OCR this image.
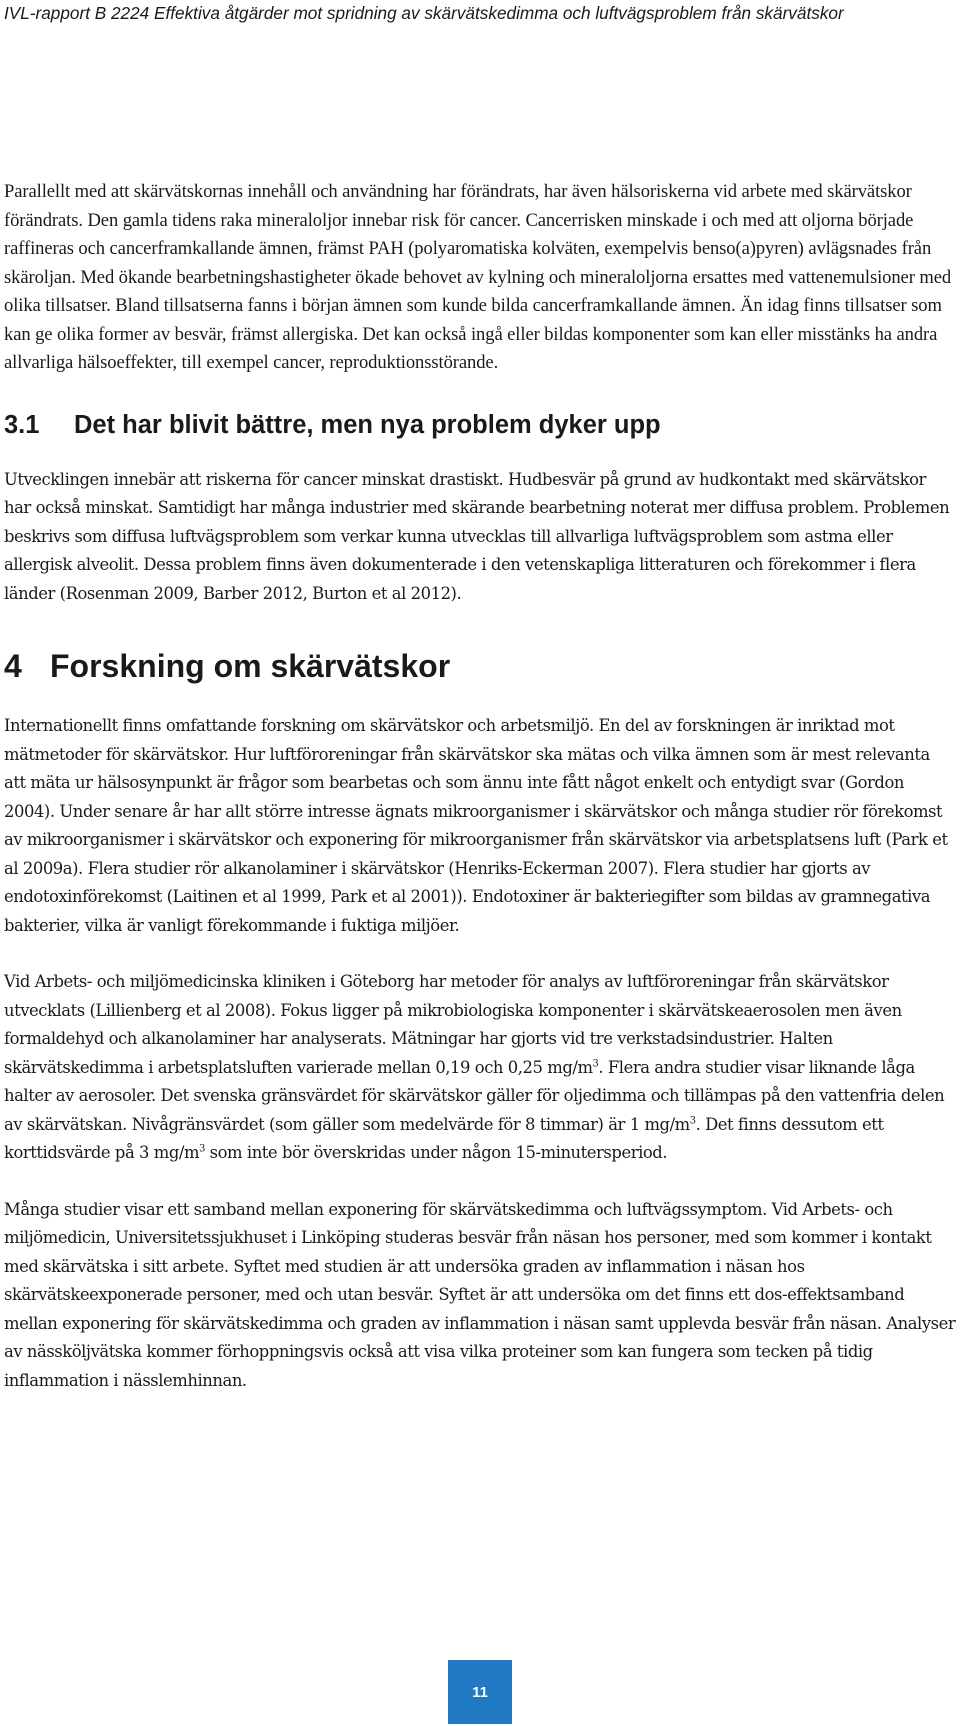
IVL-rapport B 2224 Effektiva åtgärder mot spridning av skärvätskedimma och luftvägsproblem från skärvätskor

Parallellt med att skärvätskornas innehåll och användning har förändrats, har även hälsoriskerna vid arbete med skärvätskor förändrats. Den gamla tidens raka mineraloljor innebar risk för cancer. Cancerrisken minskade i och med att oljorna började raffineras och cancerframkallande ämnen, främst PAH (polyaromatiska kolväten, exempelvis benso(a)pyren) avlägsnades från skäroljan. Med ökande bearbetningshastigheter ökade behovet av kylning och mineraloljorna ersattes med vattenemulsioner med olika tillsatser. Bland tillsatserna fanns i början ämnen som kunde bilda cancerframkallande ämnen. Än idag finns tillsatser som kan ge olika former av besvär, främst allergiska. Det kan också ingå eller bildas komponenter som kan eller misstänks ha andra allvarliga hälsoeffekter, till exempel cancer, reproduktionsstörande.

3.1 Det har blivit bättre, men nya problem dyker upp

Utvecklingen innebär att riskerna för cancer minskat drastiskt. Hudbesvär på grund av hudkontakt med skärvätskor har också minskat. Samtidigt har många industrier med skärande bearbetning noterat mer diffusa problem. Problemen beskrivs som diffusa luftvägsproblem som verkar kunna utvecklas till allvarliga luftvägsproblem som astma eller allergisk alveolit. Dessa problem finns även dokumenterade i den vetenskapliga litteraturen och förekommer i flera länder (Rosenman 2009, Barber 2012, Burton et al 2012).

4 Forskning om skärvätskor

Internationellt finns omfattande forskning om skärvätskor och arbetsmiljö. En del av forskningen är inriktad mot mätmetoder för skärvätskor. Hur luftföroreningar från skärvätskor ska mätas och vilka ämnen som är mest relevanta att mäta ur hälsosynpunkt är frågor som bearbetas och som ännu inte fått något enkelt och entydigt svar (Gordon 2004). Under senare år har allt större intresse ägnats mikroorganismer i skärvätskor och många studier rör förekomst av mikroorganismer i skärvätskor och exponering för mikroorganismer från skärvätskor via arbetsplatsens luft (Park et al 2009a). Flera studier rör alkanolaminer i skärvätskor (Henriks-Eckerman 2007). Flera studier har gjorts av endotoxinförekomst (Laitinen et al 1999, Park et al 2001)). Endotoxiner är bakteriegifter som bildas av gramnegativa bakterier, vilka är vanligt förekommande i fuktiga miljöer.

Vid Arbets- och miljömedicinska kliniken i Göteborg har metoder för analys av luftföroreningar från skärvätskor utvecklats (Lillienberg et al 2008). Fokus ligger på mikrobiologiska komponenter i skärvätskeaerosolen men även formaldehyd och alkanolaminer har analyserats. Mätningar har gjorts vid tre verkstadsindustrier. Halten skärvätskedimma i arbetsplatsluften varierade mellan 0,19 och 0,25 $mg/m^3$. Flera andra studier visar liknande låga halter av aerosoler. Det svenska gränsvärdet för skärvätskor gäller för oljedimma och tillämpas på den vattenfria delen av skärvätskan. Nivågränsvärdet (som gäller som medelvärde för 8 timmar) är 1 $mg/m^3$. Det finns dessutom ett korttidsvärde på 3 $mg/m^3$ som inte bör överskridas under någon 15-minutersperiod.

Många studier visar ett samband mellan exponering för skärvätskedimma och luftvägssymptom. Vid Arbets- och miljömedicin, Universitetssjukhuset i Linköping studeras besvär från näsan hos personer, med som kommer i kontakt med skärvätska i sitt arbete. Syftet med studien är att undersöka graden av inflammation i näsan hos skärvätskeexponerade personer, med och utan besvär. Syftet är att undersöka om det finns ett dos-effektsamband mellan exponering för skärvätskedimma och graden av inflammation i näsan samt upplevda besvär från näsan. Analyser av nässköljvätska kommer förhoppningsvis också att visa vilka proteiner som kan fungera som tecken på tidig inflammation i nässlemhinnan.

11
